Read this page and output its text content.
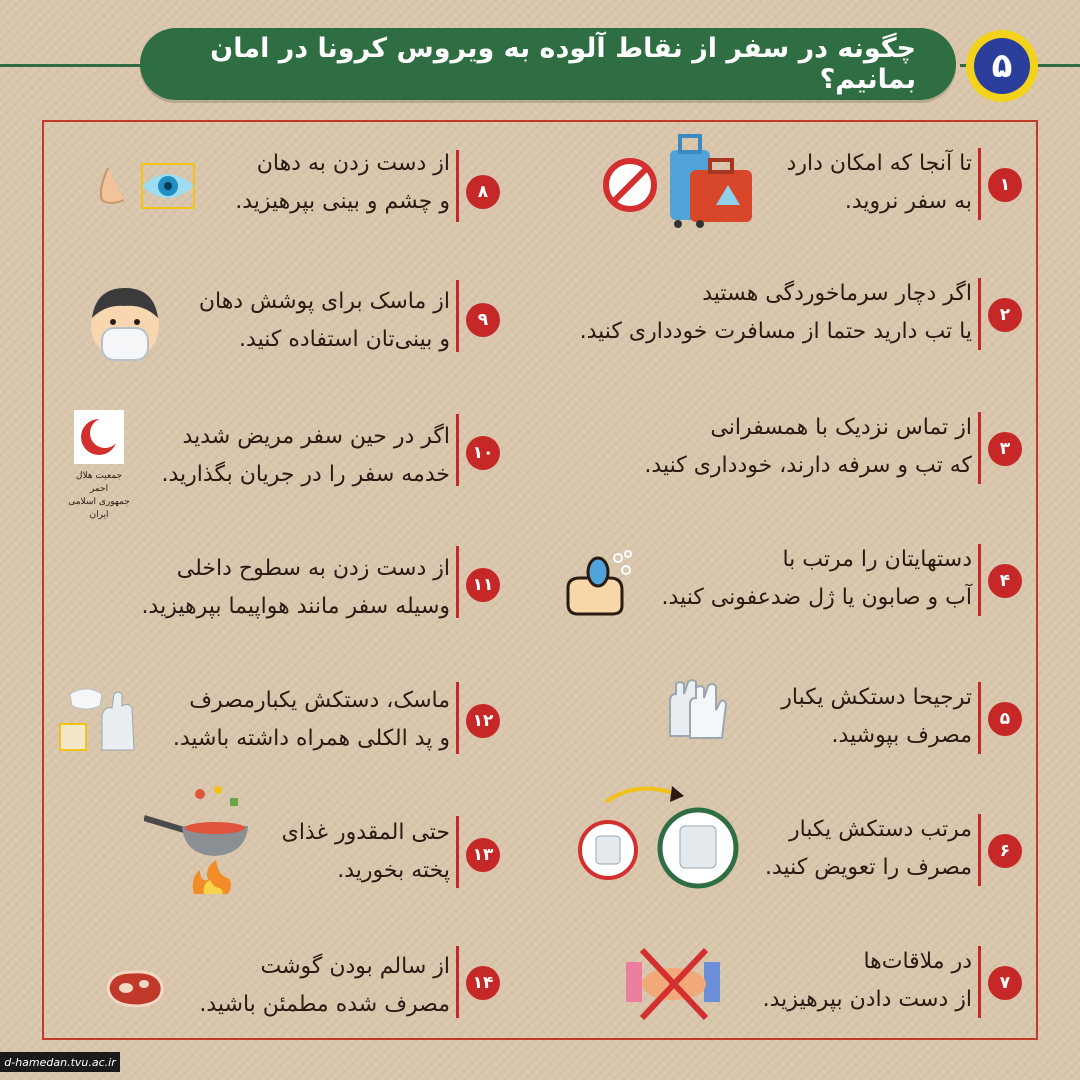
چگونه در سفر از نقاط آلوده به ویروس کرونا در امان بمانیم؟	۵
۱
تا آنجا که امکان دارد
به سفر نروید.
۲
اگر دچار سرماخوردگی هستید
یا تب دارید حتما از مسافرت خودداری کنید.
۳
از تماس نزدیک با همسفرانی
که تب و سرفه دارند، خودداری کنید.
۴
دستهایتان را مرتب با
آب و صابون یا ژل ضدعفونی کنید.
۵
ترجیحا دستکش یکبار
مصرف بپوشید.
۶
مرتب دستکش یکبار
مصرف را تعویض کنید.
۷
در ملاقات‌ها
از دست دادن بپرهیزید.
۸
از دست زدن به دهان
و چشم و بینی بپرهیزید.
۹
از ماسک برای پوشش دهان
و بینی‌تان استفاده کنید.
۱۰
اگر در حین سفر مریض شدید
خدمه سفر را در جریان بگذارید.
جمعیت هلال احمر
جمهوری اسلامی ایران
۱۱
از دست زدن به سطوح داخلی
وسیله سفر مانند هواپیما بپرهیزید.
۱۲
ماسک، دستکش یکبارمصرف
و پد الکلی همراه داشته باشید.
۱۳
حتی المقدور غذای
پخته بخورید.
۱۴
از سالم بودن گوشت
مصرف شده مطمئن باشید.
d-hamedan.tvu.ac.ir
